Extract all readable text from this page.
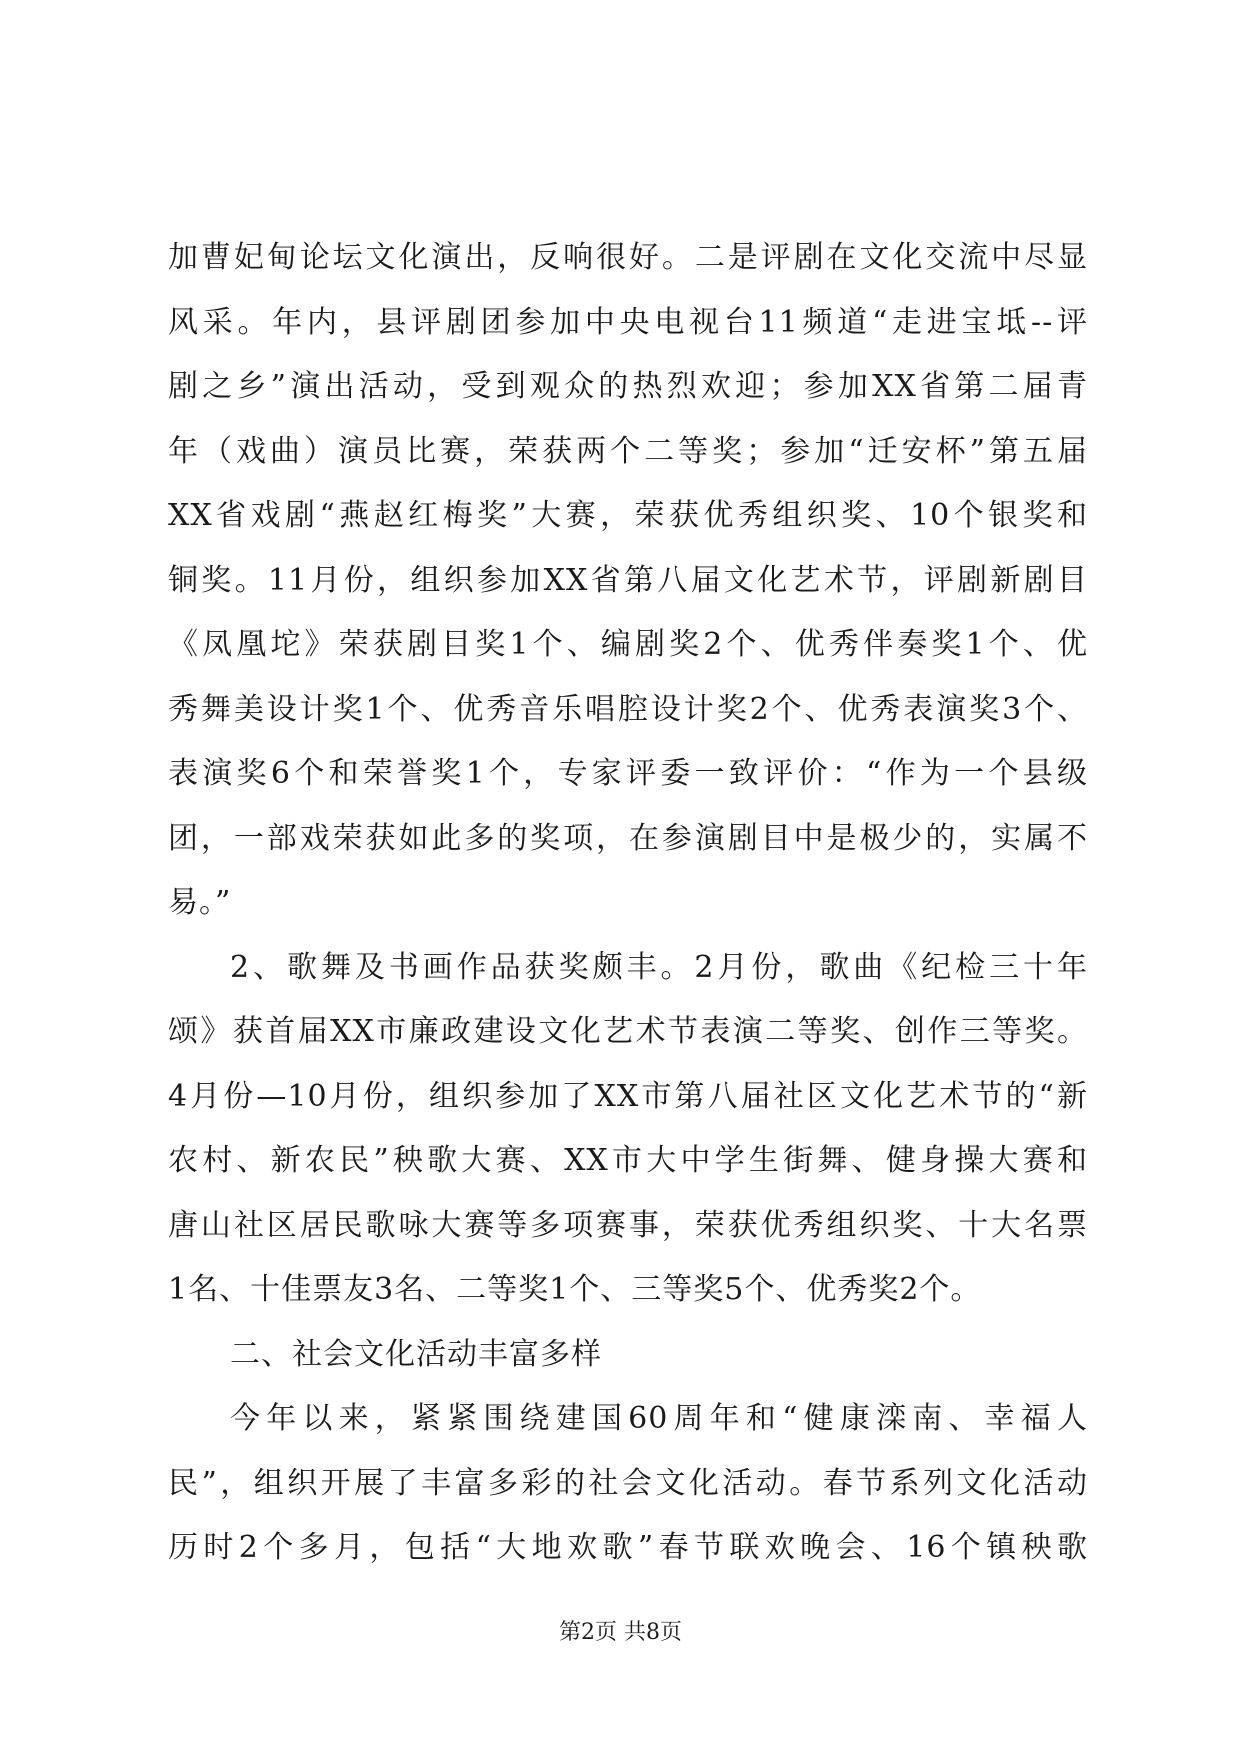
加曹妃甸论坛文化演出，反响很好。二是评剧在文化交流中尽显
风采。年内，县评剧团参加中央电视台11频道“走进宝坻--评
剧之乡”演出活动，受到观众的热烈欢迎；参加XX省第二届青
年（戏曲）演员比赛，荣获两个二等奖；参加“迁安杯”第五届
XX省戏剧“燕赵红梅奖”大赛，荣获优秀组织奖、10个银奖和
铜奖。11月份，组织参加XX省第八届文化艺术节，评剧新剧目
《凤凰坨》荣获剧目奖1个、编剧奖2个、优秀伴奏奖1个、优
秀舞美设计奖1个、优秀音乐唱腔设计奖2个、优秀表演奖3个、
表演奖6个和荣誉奖1个，专家评委一致评价：“作为一个县级
团，一部戏荣获如此多的奖项，在参演剧目中是极少的，实属不
易。”
2、歌舞及书画作品获奖颇丰。2月份，歌曲《纪检三十年
颂》获首届XX市廉政建设文化艺术节表演二等奖、创作三等奖。
4月份—10月份，组织参加了XX市第八届社区文化艺术节的“新
农村、新农民”秧歌大赛、XX市大中学生街舞、健身操大赛和
唐山社区居民歌咏大赛等多项赛事，荣获优秀组织奖、十大名票
1名、十佳票友3名、二等奖1个、三等奖5个、优秀奖2个。
二、社会文化活动丰富多样
今年以来，紧紧围绕建国60周年和“健康滦南、幸福人
民”，组织开展了丰富多彩的社会文化活动。春节系列文化活动
历时2个多月，包括“大地欢歌”春节联欢晚会、16个镇秧歌
第2页 共8页
